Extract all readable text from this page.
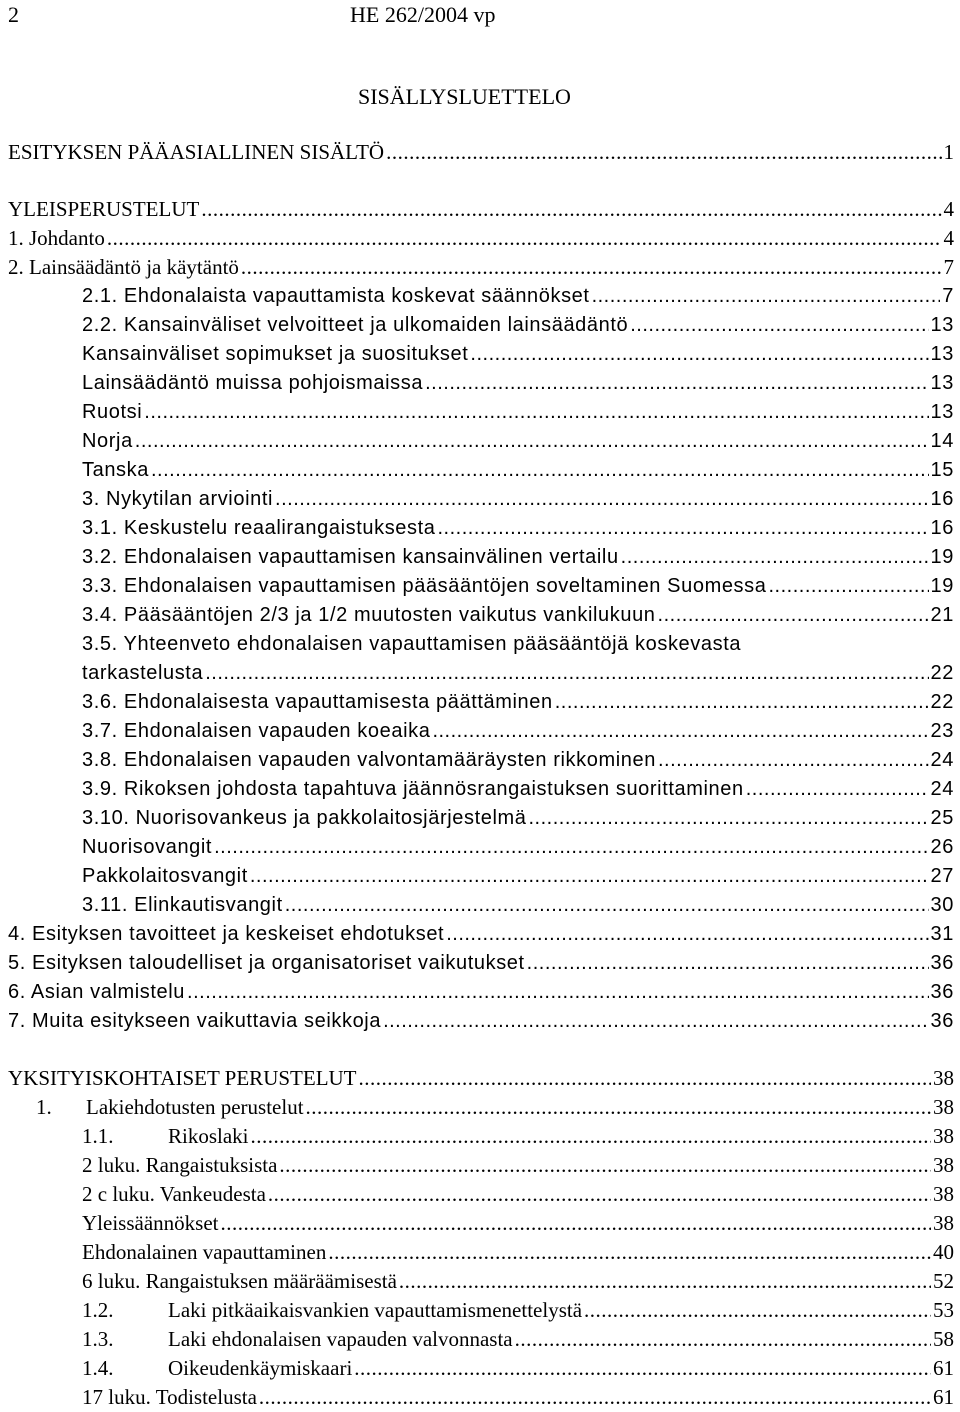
2	HE 262/2004 vp
SISÄLLYSLUETTELO
ESITYKSEN PÄÄASIALLINEN SISÄLTÖ .....	1
YLEISPERUSTELUT .....	4
1. Johdanto .....	4
2. Lainsäädäntö ja käytäntö .....	7
2.1. Ehdonalaista vapauttamista koskevat säännökset .....	7
2.2. Kansainväliset velvoitteet ja ulkomaiden lainsäädäntö .....	13
Kansainväliset sopimukset ja suositukset .....	13
Lainsäädäntö muissa pohjoismaissa .....	13
Ruotsi .....	13
Norja .....	14
Tanska .....	15
3. Nykytilan arviointi .....	16
3.1. Keskustelu reaalirangaistuksesta .....	16
3.2. Ehdonalaisen vapauttamisen kansainvälinen vertailu .....	19
3.3. Ehdonalaisen vapauttamisen pääsääntöjen soveltaminen Suomessa .....	19
3.4. Pääsääntöjen 2/3 ja 1/2 muutosten vaikutus vankilukuun .....	21
3.5. Yhteenveto ehdonalaisen vapauttamisen pääsääntöjä koskevasta
tarkastelusta .....	22
3.6. Ehdonalaisesta vapauttamisesta päättäminen .....	22
3.7. Ehdonalaisen vapauden koeaika .....	23
3.8. Ehdonalaisen vapauden valvontamääräysten rikkominen .....	24
3.9. Rikoksen johdosta tapahtuva jäännösrangaistuksen suorittaminen .....	24
3.10. Nuorisovankeus ja pakkolaitosjärjestelmä .....	25
Nuorisovangit .....	26
Pakkolaitosvangit .....	27
3.11. Elinkautisvangit .....	30
4. Esityksen tavoitteet ja keskeiset ehdotukset .....	31
5. Esityksen taloudelliset ja organisatoriset vaikutukset .....	36
6. Asian valmistelu .....	36
7. Muita esitykseen vaikuttavia seikkoja .....	36
YKSITYISKOHTAISET PERUSTELUT .....	38
1.	Lakiehdotusten perustelut .....	38
1.1.	Rikoslaki .....	38
2 luku. Rangaistuksista .....	38
2 c luku. Vankeudesta .....	38
Yleissäännökset .....	38
Ehdonalainen vapauttaminen .....	40
6 luku. Rangaistuksen määräämisestä .....	52
1.2.	Laki pitkäaikaisvankien vapauttamismenettelystä .....	53
1.3.	Laki ehdonalaisen vapauden valvonnasta .....	58
1.4.	Oikeudenkäymiskaari .....	61
17 luku. Todistelusta .....	61
